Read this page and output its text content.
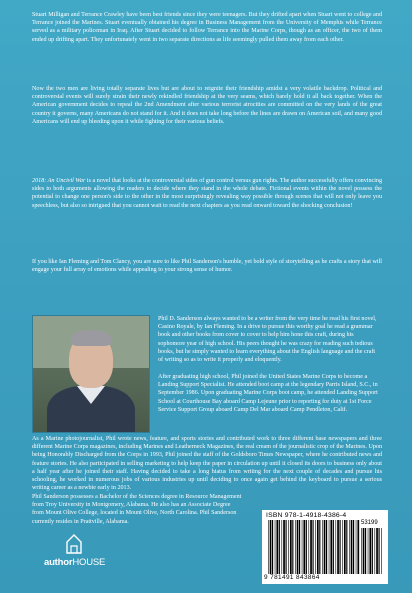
Stuart Milligan and Terrance Crawley have been best friends since they were teenagers. But they drifted apart when Stuart went to college and Terrance joined the Marines. Stuart eventually obtained his degree in Business Management from the University of Memphis while Terrance served as a military policeman in Iraq. After Stuart decided to follow Terrance into the Marine Corps, though as an officer, the two of them ended up drifting apart. They unfortunately went in two separate directions as life seemingly pulled them away from each other.

Now the two men are living totally separate lives but are about to reignite their friendship amidst a very volatile backdrop. Political and controversial events will surely strain their newly rekindled friendship at the very seams, which barely hold it all back together. When the American government decides to repeal the 2nd Amendment after various terrorist atrocities are committed on the very lands of the great country it governs, many Americans do not stand for it. And it does not take long before the lines are drawn on American soil, and many good Americans will end up bleeding upon it while fighting for their various beliefs.

2018: An Uncivil War is a novel that looks at the controversial sides of gun control versus gun rights. The author successfully offers convincing sides to both arguments allowing the readers to decide where they stand in the whole debate. Fictional events within the novel possess the potential to change one person's side to the other in the most surprisingly revealing way possible through scenes that will not only leave you speechless, but also so intrigued that you cannot wait to read the next chapters as you read onward toward the shocking conclusion!

If you like Ian Fleming and Tom Clancy, you are sure to like Phil Sanderson's humble, yet bold style of storytelling as he crafts a story that will engage your full array of emotions while appealing to your strong sense of humor.

Phil D. Sanderson always wanted to be a writer from the very time he read his first novel, Casino Royale, by Ian Fleming. In a drive to pursue this worthy goal he read a grammar book and other books from cover to cover to help him hone this craft, during his sophomore year of high school. His peers thought he was crazy for reading such tedious books, but he simply wanted to learn everything about the English language and the craft of writing so as to write it properly and eloquently.

After graduating high school, Phil joined the United States Marine Corps to become a Landing Support Specialist. He attended boot camp at the legendary Parris Island, S.C., in September 1986. Upon graduating Marine Corps boot camp, he attended Landing Support School at Courthouse Bay aboard Camp Lejeune prior to reporting for duty at 1st Force Service Support Group aboard Camp Del Mar aboard Camp Pendleton, Calif.

As a Marine photojournalist, Phil wrote news, feature, and sports stories and contributed work to three different base newspapers and three different Marine Corps magazines, including Marines and Leatherneck Magazines, the real cream of the journalistic crop of the Marines. Upon being Honorably Discharged from the Corps in 1993, Phil joined the staff of the Goldsboro Times Newspaper, where he contributed news and feature stories. He also participated in selling marketing to help keep the paper in circulation up until it closed its doors to business only about a half year after he joined their staff. Having decided to take a long hiatus from writing for the next couple of decades and pursue his schooling, he worked in numerous jobs of various industries up until deciding to once again get behind the keyboard to pursue a serious writing career as a newbie early in 2013.

Phil Sanderson possesses a Bachelor of the Sciences degree in Resource Management from Troy University in Montgomery, Alabama. He also has an Associate Degree from Mount Olive College, located in Mount Olive, North Carolina. Phil Sanderson currently resides in Prattville, Alabama.

authorHOUSE
ISBN 978-1-4918-4386-4
53199
9 781491 843864
